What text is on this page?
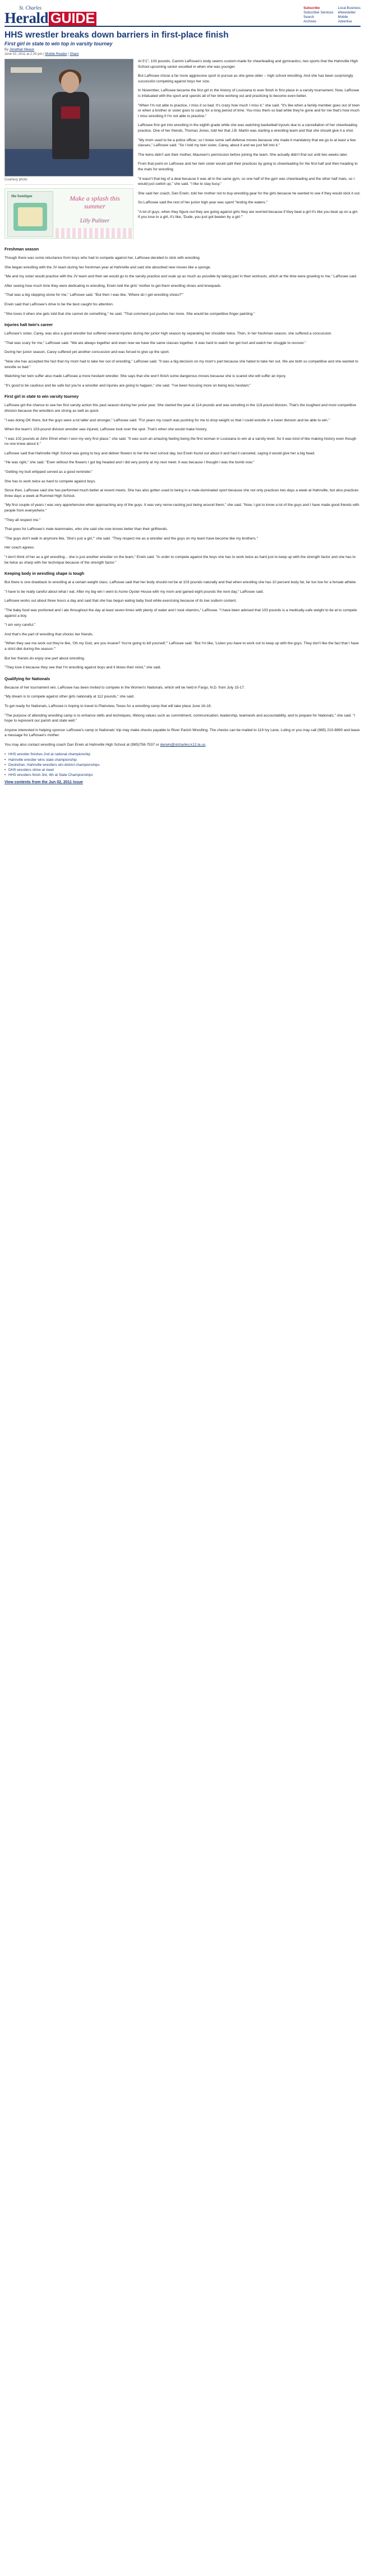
St. Charles
Herald GUIDE
Subscribe
Subscriber Services
Search
Archives
Local Business
eNewsletter
Mobile
Advertise
HHS wrestler breaks down barriers in first-place finish
First girl in state to win top in varsity tourney
By Jonathan Meaux
June 02, 2011 at 2:25 pm | Mobile Reader | Share
Courtesy photo
the boutique	Make a splash this summer
Lilly Pulitzer

At 5'1", 103 pounds, Cammi LaRosee's body seems custom-made for cheerleading and gymnastics, two sports that the Hahnville High School upcoming senior excelled in when she was younger.

But LaRosee chose a far more aggressive sport to pursue as she grew older -- high school wrestling. And she has been surprisingly successful competing against boys her size.

In November, LaRosee became the first girl in the history of Louisiana to ever finish in first place in a varsity tournament. Now, LaRosee is infatuated with the sport and spends all of her time working out and practicing to become even better.

"When I'm not able to practice, I miss it so bad. It's crazy how much I miss it," she said. "It's like when a family member goes out of town or when a brother or sister goes to camp for a long period of time. You miss them so bad while they're gone and for me that's how much I miss wrestling if I'm not able to practice."

LaRosee first got into wrestling in the eighth grade while she was watching basketball tryouts due to a cancellation of her cheerleading practice. One of her friends, Thomas Jones, told her that J.B. Martin was starting a wrestling team and that she should give it a shot.

"My mom used to be a police officer, so I knew some self-defense moves because she made it mandatory that we go to at least a few classes," LaRosee said. "So I told my twin sister, Carey, about it and we just fell into it."

The twins didn't ask their mother, Maureen's permission before joining the team. She actually didn't find out until two weeks later.

From that point on LaRosee and her twin sister would split their practices by going to cheerleading for the first half and then heading to the mats for wrestling.

"It wasn't that big of a deal because it was all in the same gym, so one half of the gym was cheerleading and the other half mats, so I would just switch up," she said. "I like to stay busy."

She said her coach, Dan Erwin, told her mother not to buy wrestling gear for the girls because he wanted to see if they would stick it out.

So LaRosee said the rest of her junior high year was spent "testing the waters."

"A lot of guys, when they figure out they are going against girls they are worried because if they beat a girl it's like you beat up on a girl. If you lose to a girl, it's like, 'Dude, you just got beaten by a girl.'"

Freshman season

Though there was some reluctance from boys who had to compete against her, LaRosee decided to stick with wrestling.

She began wrestling with the JV team during her freshman year at Hahnville and said she absorbed new moves like a sponge.

"Me and my sister would practice with the JV team and then we would go to the varsity practice and soak up as much as possible by taking part in their workouts, which at the time were grueling to me," LaRosee said.

After seeing how much time they were dedicating to wrestling, Erwin told the girls' mother to get them wrestling shoes and kneepads.

"That was a big stepping stone for me," LaRosee said. "But then I was like, 'Where do I get wrestling shoes?'"

Erwin said that LaRosee's drive to be the best caught his attention.

"She loves it when she gets told that she cannot do something," he said. "That comment just pushes her more. She would be competitive finger painting."

Injuries halt twin's career

LaRosee's sister, Carey, was also a good wrestler but suffered several injuries during her junior high season by separating her shoulder twice. Then, in her freshman season, she suffered a concussion.

"That was scary for me," LaRosee said. "We are always together and even now we have the same classes together. It was hard to watch her get hurt and watch her struggle to recover."

During her junior season, Carey suffered yet another concussion and was forced to give up the sport.

"Now she has accepted the fact that my mom had to take her out of wrestling," LaRosee said. "It was a big decision on my mom's part because she hated to take her out. We are both so competitive and she wanted to wrestle so bad."

Watching her twin suffer also made LaRosee a more hesitant wrestler. She says that she won't finish some dangerous moves because she is scared she will suffer an injury.

"It's good to be cautious and be safe but you're a wrestler and injuries are going to happen," she said. "I've been focusing more on being less hesitant."

First girl in state to win varsity tourney

LaRosee got the chance to see her first varsity action this past season during her junior year. She started the year at 114 pounds and was wrestling in the 119-pound division. That's the toughest and most competitive division because the wrestlers are strong as well as quick.

"I was doing OK there, but the guys were a lot taller and stronger," LaRosee said. "For years my coach was pushing for me to drop weight so that I could wrestle in a lower division and be able to win."

When the team's 103-pound division wrestler was injured, LaRosee took over the spot. That's when she would make history.

"I was 102 pounds at John Ehret when I won my very first place," she said. "It was such an amazing feeling being the first woman in Louisiana to win at a varsity level. So it was kind of like making history even though no one knew about it."

LaRosee said that Hahnville High School was going to buy and deliver flowers to her the next school day, but Erwin found out about it and had it canceled, saying it would give her a big head.

"He was right," she said. "Even without the flowers I got big headed and I did very poorly at my next meet. It was because I thought I was the bomb now."

"Getting my butt whipped served as a good reminder."

She has to work twice as hard to compete against boys.

Since then, LaRosee said she has performed much better at recent meets. She has also gotten used to being in a male-dominated sport because she not only practices two days a week at Hahnville, but also practices three days a week at Rummel High School.

"My first couple of years I was very apprehensive when approaching any of the guys. It was very nerve-racking just being around them," she said. "Now, I got to know a lot of the guys and I have made good friends with people from everywhere."

"They all respect me."

That goes for LaRosee's male teammates, who she said she now knows better than their girlfriends.

"The guys don't walk in anymore like, 'She's just a girl,'" she said. "They respect me as a wrestler and the guys on my team have become like my brothers."

Her coach agrees.

"I don't think of her as a girl wrestling... she is just another wrestler on the team," Erwin said. "In order to compete against the boys she has to work twice as hard just to keep up with the strength factor and she has to be twice as sharp with her technique because of the strength factor."

Keeping body in wrestling shape is tough

But there is one drawback to wrestling at a certain weight class. LaRosee said that her body should not be at 103 pounds naturally and that when wrestling she has 10 percent body fat, far too low for a female athlete.

"I have to be really careful about what I eat. After my big win I went to Acme Oyster House with my mom and gained eight pounds the next day," LaRosee said.

LaRosee works out about three hours a day and said that she has begun eating baby food while exercising because of its low sodium content.

"The baby food was portioned and I ate throughout the day at least seven times with plenty of water and I took vitamins," LaRosee. "I have been advised that 103 pounds is a medically-safe weight to be at to compete against a boy.

"I am very careful."

And that's the part of wrestling that shocks her friends.

"When they see me work out they're like, 'Oh my God, are you insane? You're going to kill yourself,'" LaRosee said. "But I'm like, 'Listen you have to work out to keep up with the guys. They don't like the fact that I have a strict diet during the season.'"

But her friends do enjoy one part about wrestling.

"They love it because they see that I'm wrestling against boys and it blows their mind," she said.

Qualifying for Nationals

Because of her tournament win, LaRosee has been invited to compete in the Women's Nationals, which will be held in Fargo, N.D. from July 15-17.

"My dream is to compete against other girls nationally at 112 pounds," she said.

To get ready for Nationals, LaRosee is hoping to travel to Plainview, Texas for a wrestling camp that will take place June 16-18.

"The purpose of attending wrestling camp is to enhance skills and techniques, lifelong values such as commitment, communication, leadership, teamwork and accountability, and to prepare for Nationals," she said. "I hope to represent our parish and state well."

Anyone interested in helping sponsor LaRosee's camp or Nationals' trip may make checks payable to River Parish Wrestling. The checks can be mailed to 119 Ivy Lane, Luling or you may call (985) 210-8890 and leave a message for LaRosee's mother.

You may also contact wrestling coach Dan Erwin at Hahnville High School at (985)758-7537 or derwin@stcharles.k12.la.us.

• HHS wrestler finishes 2nd at national championship
• Hahnville wrestler wins state championship
• Destrehan, Hahnville wrestlers win district championships
• DHS wrestlers shine at meet
• HHS wrestlers finish 3rd, 4th at State Championships
View contents from the Jun 02, 2011 Issue
